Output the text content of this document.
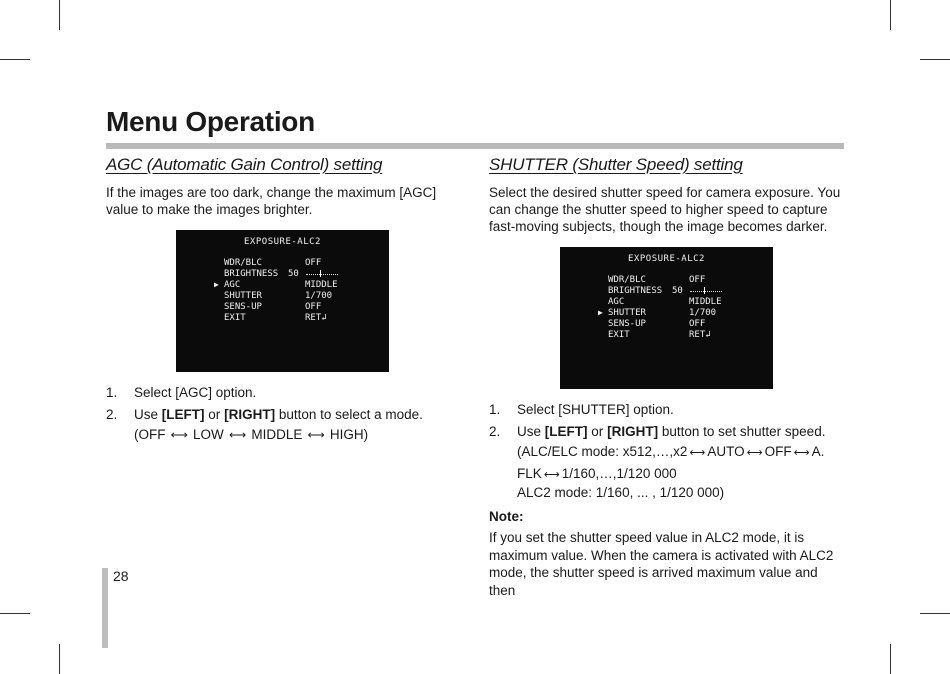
Menu Operation
AGC (Automatic Gain Control) setting

If the images are too dark, change the maximum [AGC] value to make the images brighter.

EXPOSURE-ALC2
WDR/BLC	OFF
BRIGHTNESS 50
▶ AGC	MIDDLE
SHUTTER	1/700
SENS-UP	OFF
EXIT	RET↲
1. Select [AGC] option.
2. Use [LEFT] or [RIGHT] button to select a mode.
(OFF ⟷ LOW ⟷ MIDDLE ⟷ HIGH)
SHUTTER (Shutter Speed) setting

Select the desired shutter speed for camera exposure. You can change the shutter speed to higher speed to capture fast-moving subjects, though the image becomes darker.

EXPOSURE-ALC2
WDR/BLC	OFF
BRIGHTNESS 50
AGC	MIDDLE
▶ SHUTTER	1/700
SENS-UP	OFF
EXIT	RET↲
1. Select [SHUTTER] option.
2. Use [LEFT] or [RIGHT] button to set shutter speed.
(ALC/ELC mode: x512,…,x2 ⟷ AUTO ⟷ OFF ⟷ A.
FLK ⟷ 1/160,…,1/120 000
ALC2 mode: 1/160, ... , 1/120 000)
Note:
If you set the shutter speed value in ALC2 mode, it is maximum value. When the camera is activated with ALC2 mode, the shutter speed is arrived maximum value and then
28
